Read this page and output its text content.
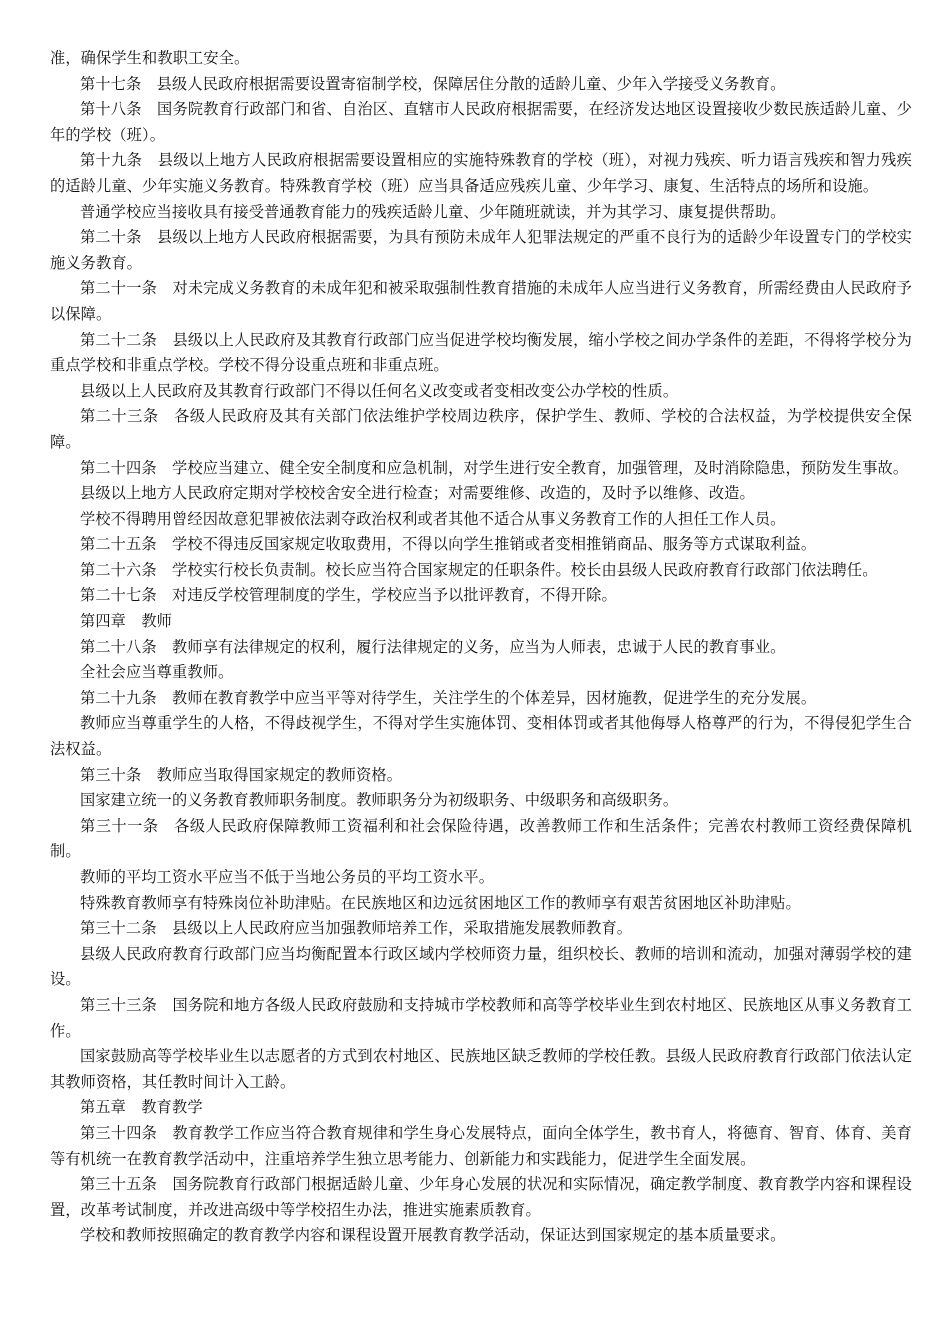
准，确保学生和教职工安全。

第十七条　县级人民政府根据需要设置寄宿制学校，保障居住分散的适龄儿童、少年入学接受义务教育。

第十八条　国务院教育行政部门和省、自治区、直辖市人民政府根据需要，在经济发达地区设置接收少数民族适龄儿童、少年的学校（班）。

第十九条　县级以上地方人民政府根据需要设置相应的实施特殊教育的学校（班），对视力残疾、听力语言残疾和智力残疾的适龄儿童、少年实施义务教育。特殊教育学校（班）应当具备适应残疾儿童、少年学习、康复、生活特点的场所和设施。

普通学校应当接收具有接受普通教育能力的残疾适龄儿童、少年随班就读，并为其学习、康复提供帮助。

第二十条　县级以上地方人民政府根据需要，为具有预防未成年人犯罪法规定的严重不良行为的适龄少年设置专门的学校实施义务教育。

第二十一条　对未完成义务教育的未成年犯和被采取强制性教育措施的未成年人应当进行义务教育，所需经费由人民政府予以保障。

第二十二条　县级以上人民政府及其教育行政部门应当促进学校均衡发展，缩小学校之间办学条件的差距，不得将学校分为重点学校和非重点学校。学校不得分设重点班和非重点班。

县级以上人民政府及其教育行政部门不得以任何名义改变或者变相改变公办学校的性质。

第二十三条　各级人民政府及其有关部门依法维护学校周边秩序，保护学生、教师、学校的合法权益，为学校提供安全保障。

第二十四条　学校应当建立、健全安全制度和应急机制，对学生进行安全教育，加强管理，及时消除隐患，预防发生事故。

县级以上地方人民政府定期对学校校舍安全进行检查；对需要维修、改造的，及时予以维修、改造。

学校不得聘用曾经因故意犯罪被依法剥夺政治权利或者其他不适合从事义务教育工作的人担任工作人员。

第二十五条　学校不得违反国家规定收取费用，不得以向学生推销或者变相推销商品、服务等方式谋取利益。

第二十六条　学校实行校长负责制。校长应当符合国家规定的任职条件。校长由县级人民政府教育行政部门依法聘任。

第二十七条　对违反学校管理制度的学生，学校应当予以批评教育，不得开除。

第四章　教师

第二十八条　教师享有法律规定的权利，履行法律规定的义务，应当为人师表，忠诚于人民的教育事业。

全社会应当尊重教师。

第二十九条　教师在教育教学中应当平等对待学生，关注学生的个体差异，因材施教，促进学生的充分发展。

教师应当尊重学生的人格，不得歧视学生，不得对学生实施体罚、变相体罚或者其他侮辱人格尊严的行为，不得侵犯学生合法权益。

第三十条　教师应当取得国家规定的教师资格。

国家建立统一的义务教育教师职务制度。教师职务分为初级职务、中级职务和高级职务。

第三十一条　各级人民政府保障教师工资福利和社会保险待遇，改善教师工作和生活条件；完善农村教师工资经费保障机制。

教师的平均工资水平应当不低于当地公务员的平均工资水平。

特殊教育教师享有特殊岗位补助津贴。在民族地区和边远贫困地区工作的教师享有艰苦贫困地区补助津贴。

第三十二条　县级以上人民政府应当加强教师培养工作，采取措施发展教师教育。

县级人民政府教育行政部门应当均衡配置本行政区域内学校师资力量，组织校长、教师的培训和流动，加强对薄弱学校的建设。

第三十三条　国务院和地方各级人民政府鼓励和支持城市学校教师和高等学校毕业生到农村地区、民族地区从事义务教育工作。

国家鼓励高等学校毕业生以志愿者的方式到农村地区、民族地区缺乏教师的学校任教。县级人民政府教育行政部门依法认定其教师资格，其任教时间计入工龄。

第五章　教育教学

第三十四条　教育教学工作应当符合教育规律和学生身心发展特点，面向全体学生，教书育人，将德育、智育、体育、美育等有机统一在教育教学活动中，注重培养学生独立思考能力、创新能力和实践能力，促进学生全面发展。

第三十五条　国务院教育行政部门根据适龄儿童、少年身心发展的状况和实际情况，确定教学制度、教育教学内容和课程设置，改革考试制度，并改进高级中等学校招生办法，推进实施素质教育。

学校和教师按照确定的教育教学内容和课程设置开展教育教学活动，保证达到国家规定的基本质量要求。
